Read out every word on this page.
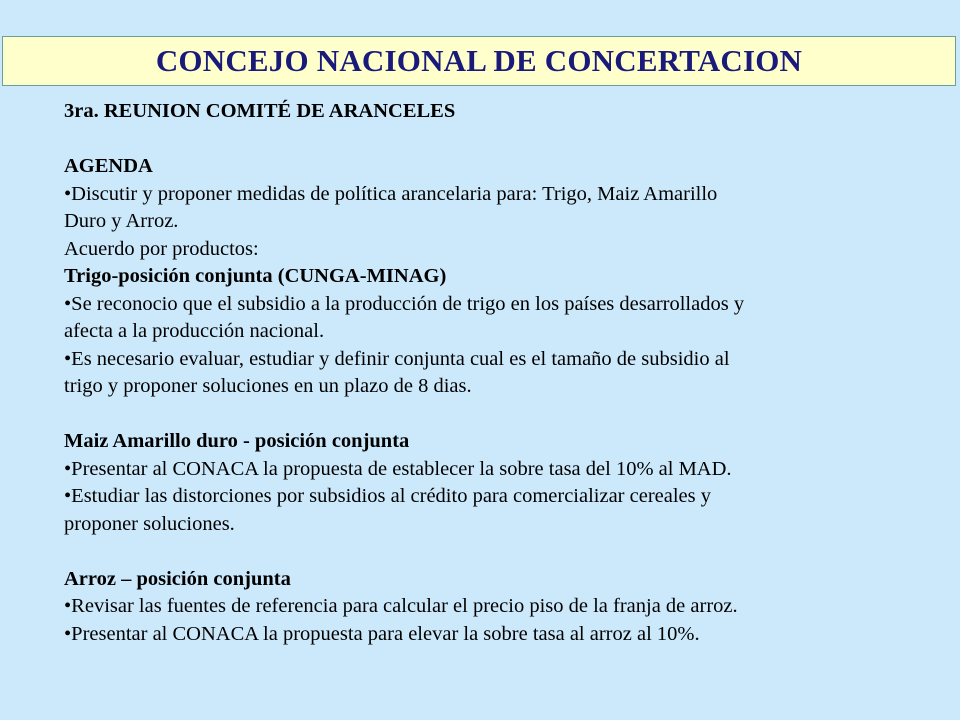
CONCEJO NACIONAL DE CONCERTACION
3ra. REUNION COMITÉ DE ARANCELES
AGENDA
•Discutir y proponer medidas de política arancelaria para: Trigo, Maiz Amarillo
Duro y Arroz.
Acuerdo por productos:
Trigo-posición conjunta (CUNGA-MINAG)
•Se reconocio que el subsidio a la producción de trigo en los países desarrollados y
afecta a la producción nacional.
•Es necesario evaluar, estudiar y definir conjunta cual es el tamaño de subsidio al
trigo y proponer soluciones en un plazo de 8 dias.
Maiz Amarillo duro - posición conjunta
•Presentar al CONACA la propuesta de establecer la sobre tasa del 10% al MAD.
•Estudiar las distorciones por subsidios al crédito para comercializar cereales y
proponer soluciones.
Arroz – posición conjunta
•Revisar las fuentes de referencia para calcular el precio piso de la franja de arroz.
•Presentar al CONACA la propuesta para elevar la sobre tasa al arroz al 10%.
